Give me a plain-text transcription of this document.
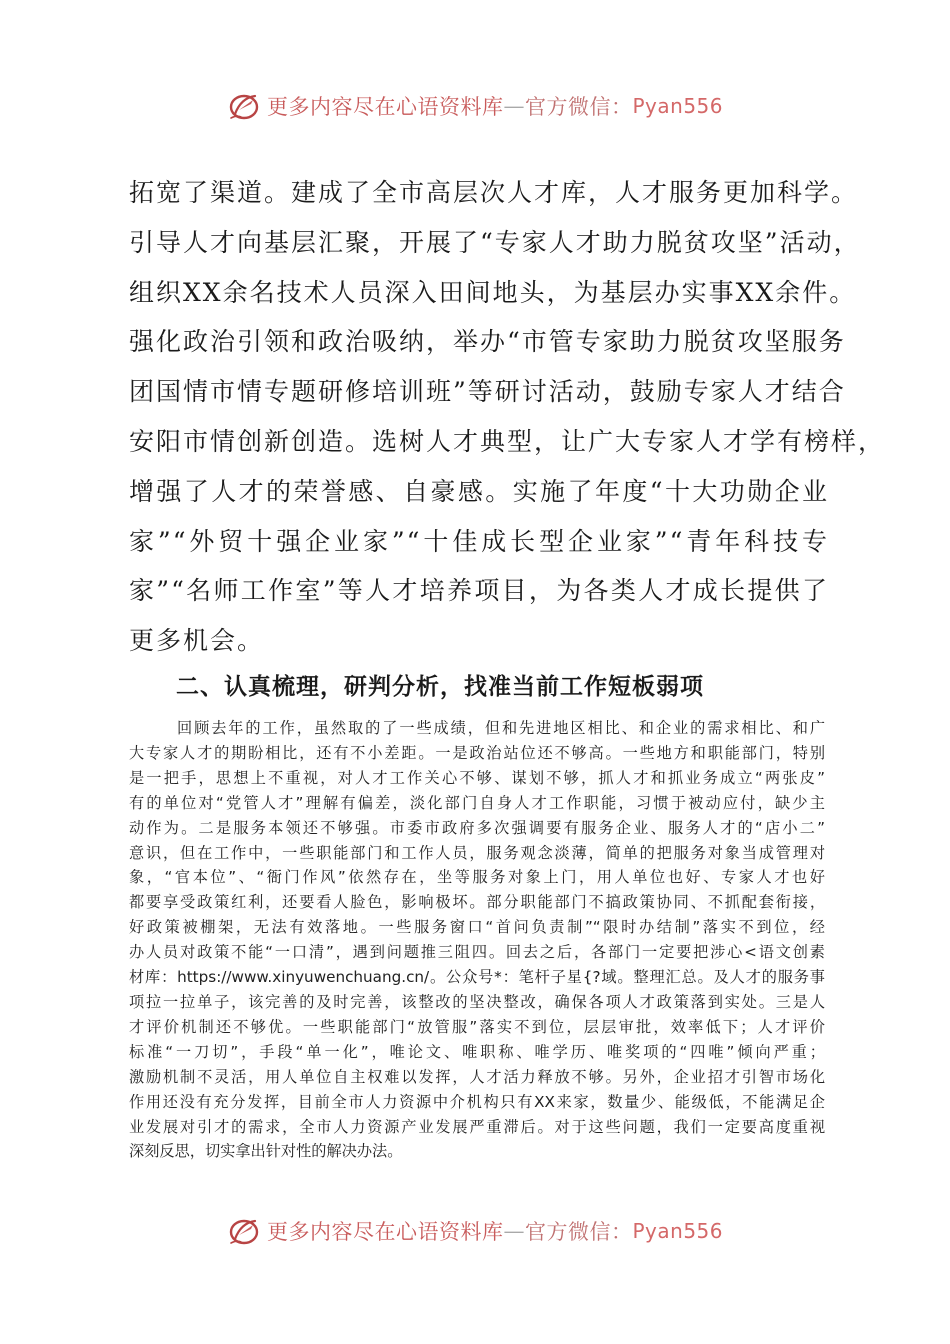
更多内容尽在心语资料库 — 官方微信： Pyan556
拓宽了渠道。建成了全市高层次人才库，人才服务更加科学。
引导人才向基层汇聚，开展了“专家人才助力脱贫攻坚”活动，
组织XX余名技术人员深入田间地头，为基层办实事XX余件。
强化政治引领和政治吸纳，举办“市管专家助力脱贫攻坚服务
团国情市情专题研修培训班”等研讨活动，鼓励专家人才结合
安阳市情创新创造。选树人才典型，让广大专家人才学有榜样，
增强了人才的荣誉感、自豪感。实施了年度“十大功勋企业
家”“外贸十强企业家”“十佳成长型企业家”“青年科技专
家”“名师工作室”等人才培养项目，为各类人才成长提供了
更多机会。
二、认真梳理，研判分析，找准当前工作短板弱项
回顾去年的工作，虽然取的了一些成绩，但和先进地区相比、和企业的需求相比、和广
大专家人才的期盼相比，还有不小差距。一是政治站位还不够高。一些地方和职能部门，特别
是一把手，思想上不重视，对人才工作关心不够、谋划不够，抓人才和抓业务成立“两张皮”
有的单位对“党管人才”理解有偏差，淡化部门自身人才工作职能，习惯于被动应付，缺少主
动作为。二是服务本领还不够强。市委市政府多次强调要有服务企业、服务人才的“店小二”
意识，但在工作中，一些职能部门和工作人员，服务观念淡薄，简单的把服务对象当成管理对
象，“官本位”、“衙门作风”依然存在，坐等服务对象上门，用人单位也好、专家人才也好
都要享受政策红利，还要看人脸色，影响极坏。部分职能部门不搞政策协同、不抓配套衔接，
好政策被棚架，无法有效落地。一些服务窗口“首问负责制”“限时办结制”落实不到位，经
办人员对政策不能“一口清”，遇到问题推三阻四。回去之后，各部门一定要把涉心<语文创素
材库：https://www.xinyuwenchuang.cn/。公众号*：笔杆子星{?域。整理汇总。及人才的服务事
项拉一拉单子，该完善的及时完善，该整改的坚决整改，确保各项人才政策落到实处。三是人
才评价机制还不够优。一些职能部门“放管服”落实不到位，层层审批，效率低下；人才评价
标准“一刀切”，手段“单一化”，唯论文、唯职称、唯学历、唯奖项的“四唯”倾向严重；
激励机制不灵活，用人单位自主权难以发挥，人才活力释放不够。另外，企业招才引智市场化
作用还没有充分发挥，目前全市人力资源中介机构只有XX来家，数量少、能级低，不能满足企
业发展对引才的需求，全市人力资源产业发展严重滞后。对于这些问题，我们一定要高度重视
深刻反思，切实拿出针对性的解决办法。
更多内容尽在心语资料库 — 官方微信： Pyan556
